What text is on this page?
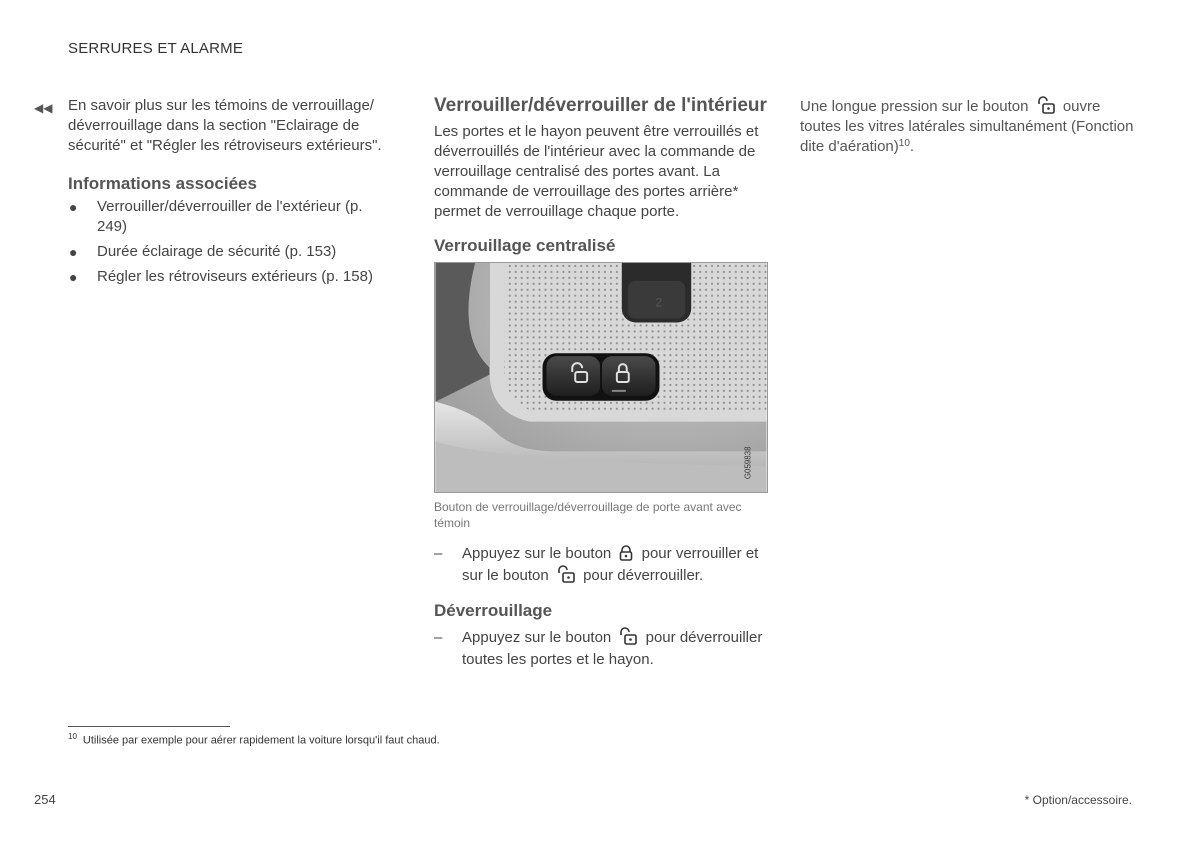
SERRURES ET ALARME
◀◀	En savoir plus sur les témoins de verrouillage/ déverrouillage dans la section "Eclairage de sécurité" et "Régler les rétroviseurs extérieurs".
Informations associées
● Verrouiller/déverrouiller de l'extérieur (p. 249)
● Durée éclairage de sécurité (p. 153)
● Régler les rétroviseurs extérieurs (p. 158)
Verrouiller/déverrouiller de l'intérieur
Les portes et le hayon peuvent être verrouillés et déverrouillés de l'intérieur avec la commande de verrouillage centralisé des portes avant. La commande de verrouillage des portes arrière* permet de verrouillage chaque porte.
Verrouillage centralisé
2
G059838
Bouton de verrouillage/déverrouillage de porte avant avec témoin
–	Appuyez sur le bouton pour verrouiller et sur le bouton pour déverrouiller.
Déverrouillage
–	Appuyez sur le bouton pour déverrouiller toutes les portes et le hayon.
Une longue pression sur le bouton ouvre toutes les vitres latérales simultanément (Fonction dite d'aération)$^{10}$.
$^{10}$ Utilisée par exemple pour aérer rapidement la voiture lorsqu'il faut chaud.
254	* Option/accessoire.
